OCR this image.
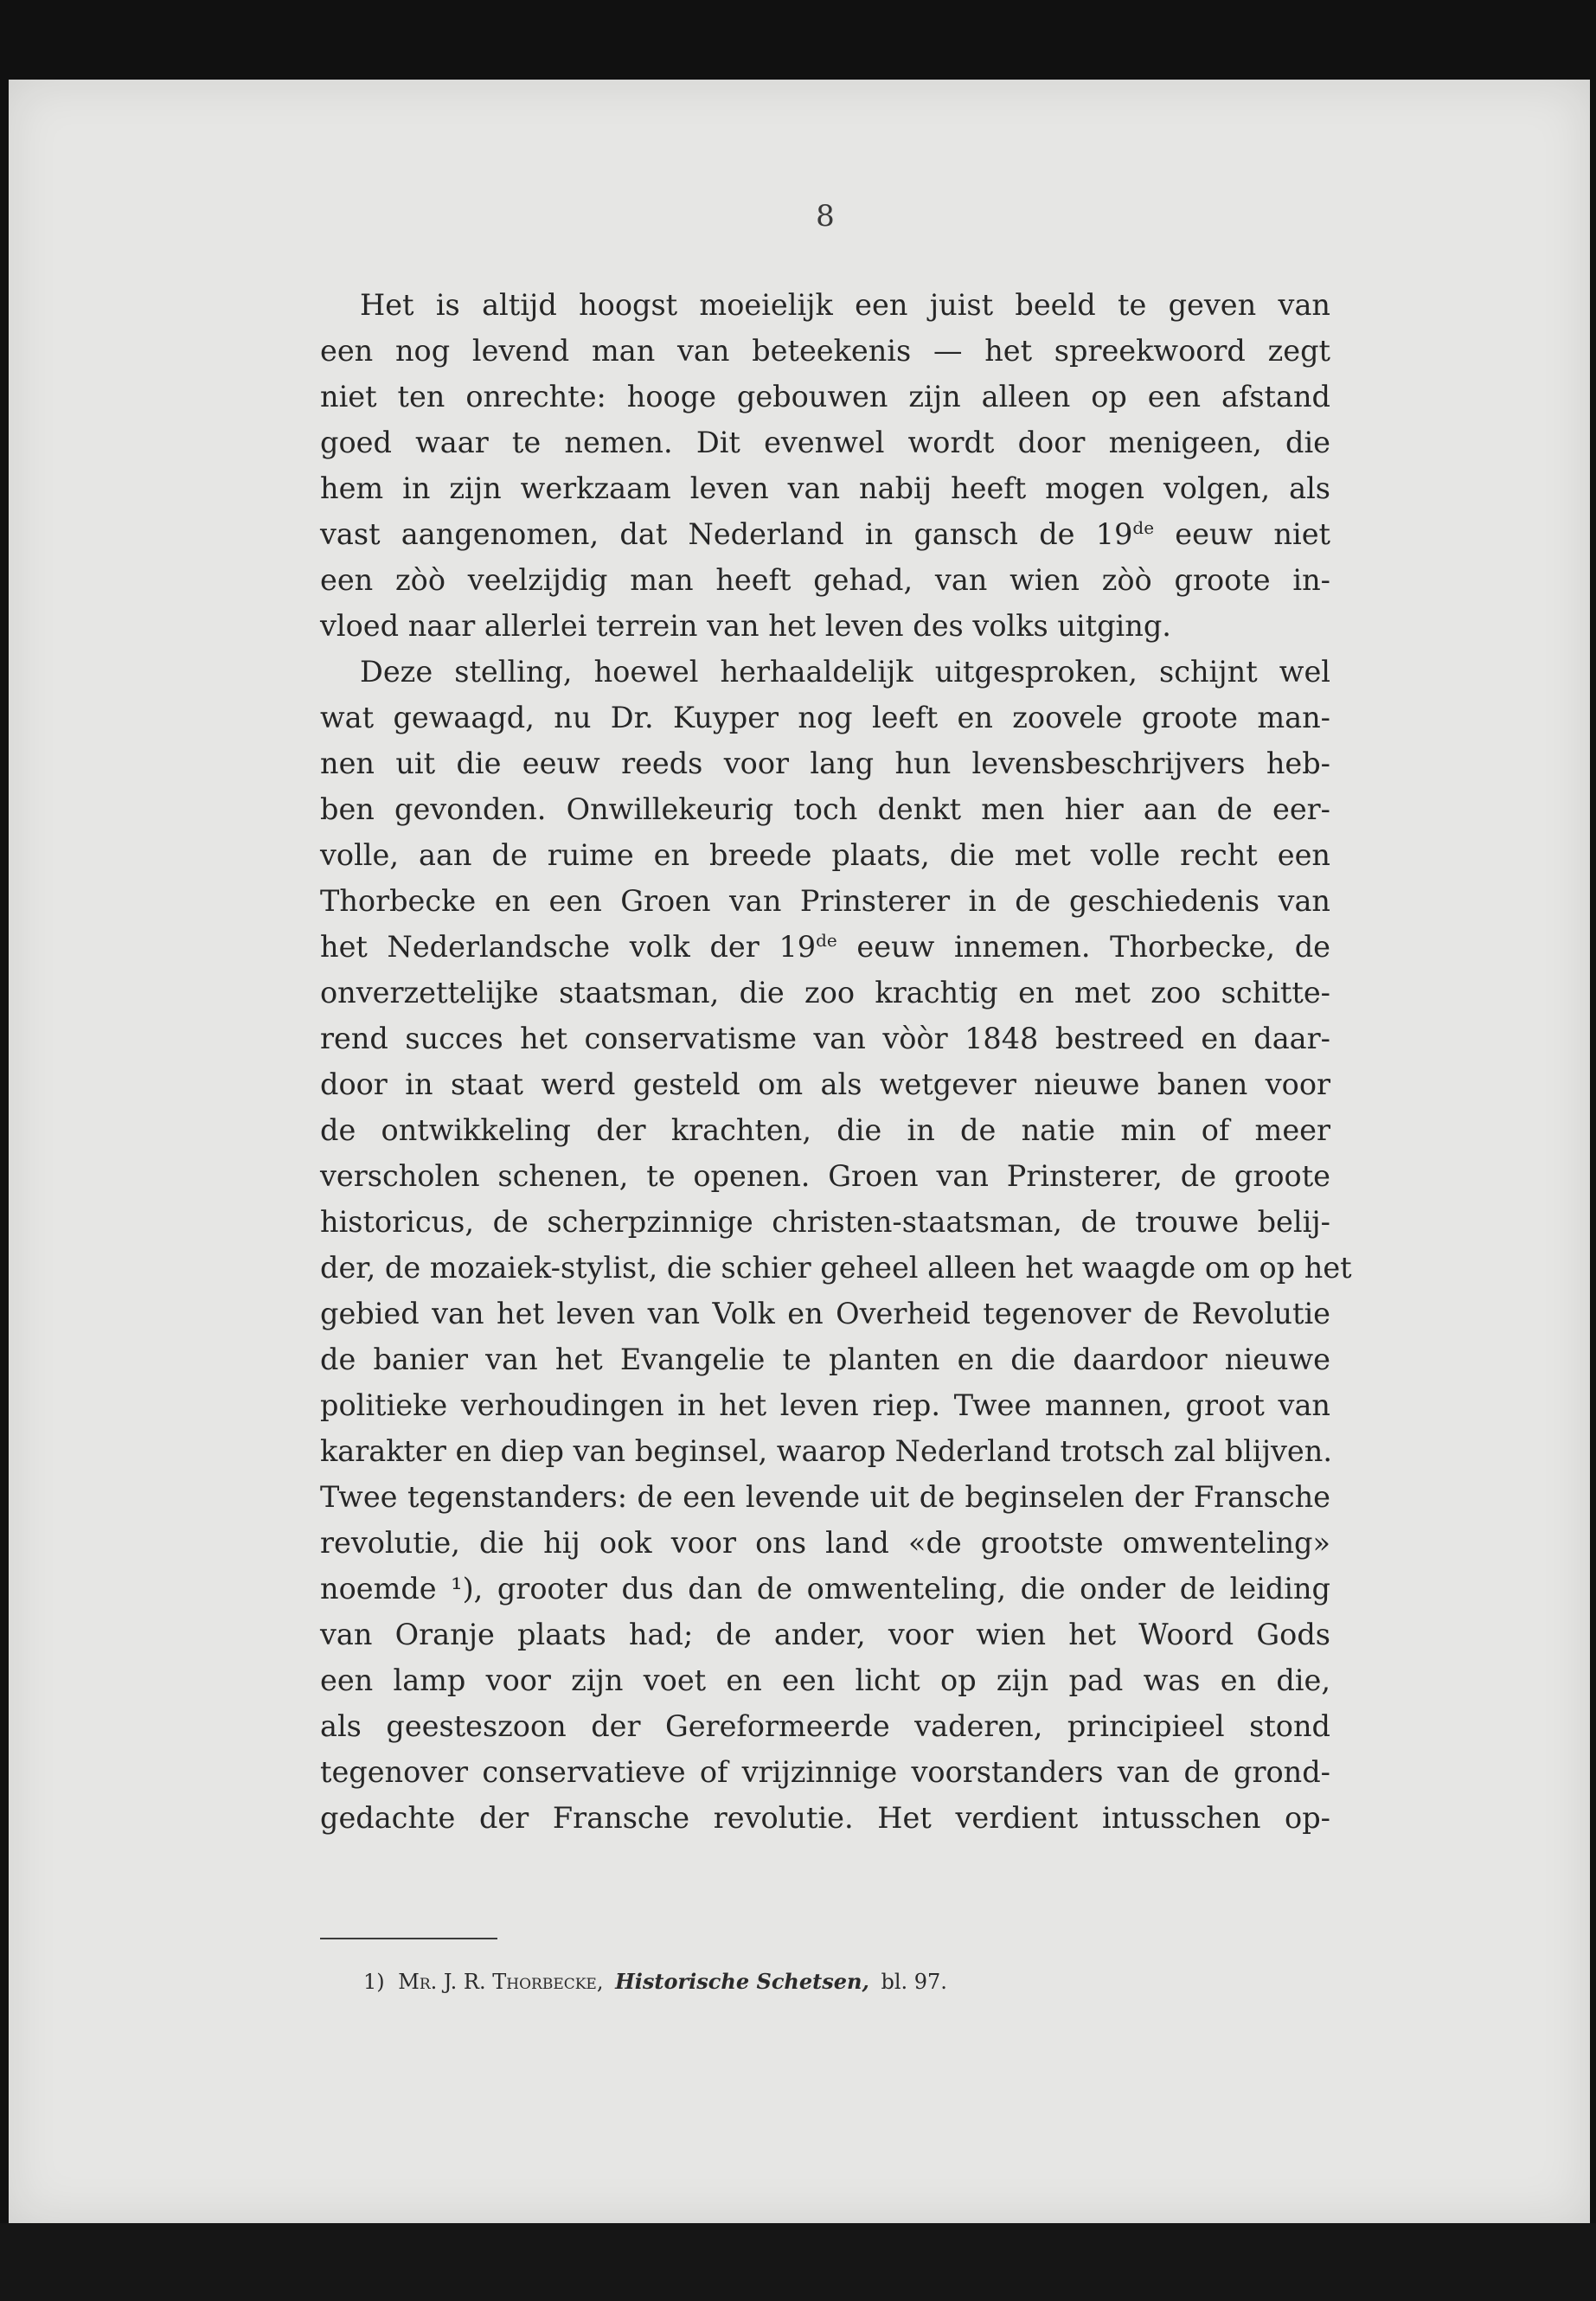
8
Het is altijd hoogst moeielijk een juist beeld te geven van
een nog levend man van beteekenis — het spreekwoord zegt
niet ten onrechte: hooge gebouwen zijn alleen op een afstand
goed waar te nemen. Dit evenwel wordt door menigeen, die
hem in zijn werkzaam leven van nabij heeft mogen volgen, als
vast aangenomen, dat Nederland in gansch de 19de eeuw niet
een zòò veelzijdig man heeft gehad, van wien zòò groote in-
vloed naar allerlei terrein van het leven des volks uitging.
Deze stelling, hoewel herhaaldelijk uitgesproken, schijnt wel
wat gewaagd, nu Dr. Kuyper nog leeft en zoovele groote man-
nen uit die eeuw reeds voor lang hun levensbeschrijvers heb-
ben gevonden. Onwillekeurig toch denkt men hier aan de eer-
volle, aan de ruime en breede plaats, die met volle recht een
Thorbecke en een Groen van Prinsterer in de geschiedenis van
het Nederlandsche volk der 19de eeuw innemen. Thorbecke, de
onverzettelijke staatsman, die zoo krachtig en met zoo schitte-
rend succes het conservatisme van vòòr 1848 bestreed en daar-
door in staat werd gesteld om als wetgever nieuwe banen voor
de ontwikkeling der krachten, die in de natie min of meer
verscholen schenen, te openen. Groen van Prinsterer, de groote
historicus, de scherpzinnige christen-staatsman, de trouwe belij-
der, de mozaiek-stylist, die schier geheel alleen het waagde om op het
gebied van het leven van Volk en Overheid tegenover de Revolutie
de banier van het Evangelie te planten en die daardoor nieuwe
politieke verhoudingen in het leven riep. Twee mannen, groot van
karakter en diep van beginsel, waarop Nederland trotsch zal blijven.
Twee tegenstanders: de een levende uit de beginselen der Fransche
revolutie, die hij ook voor ons land «de grootste omwenteling»
noemde ¹), grooter dus dan de omwenteling, die onder de leiding
van Oranje plaats had; de ander, voor wien het Woord Gods
een lamp voor zijn voet en een licht op zijn pad was en die,
als geesteszoon der Gereformeerde vaderen, principieel stond
tegenover conservatieve of vrijzinnige voorstanders van de grond-
gedachte der Fransche revolutie. Het verdient intusschen op-
1) Mr. J. R. Thorbecke, Historische Schetsen, bl. 97.
